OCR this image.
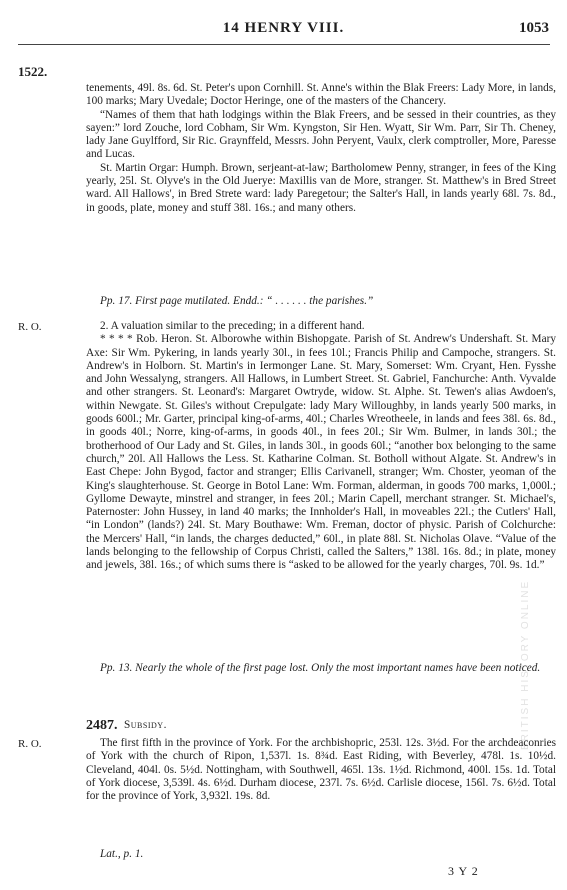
14 HENRY VIII.	1053
BRITISH HISTORY ONLINE
1522.

tenements, 49l. 8s. 6d. St. Peter's upon Cornhill. St. Anne's within the Blak Freers: Lady More, in lands, 100 marks; Mary Uvedale; Doctor Heringe, one of the masters of the Chancery.

“Names of them that hath lodgings within the Blak Freers, and be sessed in their countries, as they sayen:” lord Zouche, lord Cobham, Sir Wm. Kyngston, Sir Hen. Wyatt, Sir Wm. Parr, Sir Th. Cheney, lady Jane Guylfford, Sir Ric. Graynffeld, Messrs. John Peryent, Vaulx, clerk comptroller, More, Paresse and Lucas.

St. Martin Orgar: Humph. Brown, serjeant-at-law; Bartholomew Penny, stranger, in fees of the King yearly, 25l. St. Olyve's in the Old Juerye: Maxillis van de More, stranger. St. Matthew's in Bred Street ward. All Hallows', in Bred Strete ward: lady Paregetour; the Salter's Hall, in lands yearly 68l. 7s. 8d., in goods, plate, money and stuff 38l. 16s.; and many others.

Pp. 17. First page mutilated. Endd.: “ . . . . . . the parishes.”
R. O.	2. A valuation similar to the preceding; in a different hand.

* * * * Rob. Heron. St. Alborowhe within Bishopgate. Parish of St. Andrew's Undershaft. St. Mary Axe: Sir Wm. Pykering, in lands yearly 30l., in fees 10l.; Francis Philip and Campoche, strangers. St. Andrew's in Holborn. St. Martin's in Iermonger Lane. St. Mary, Somerset: Wm. Cryant, Hen. Fysshe and John Wessalyng, strangers. All Hallows, in Lumbert Street. St. Gabriel, Fanchurche: Anth. Vyvalde and other strangers. St. Leonard's: Margaret Owtryde, widow. St. Alphe. St. Tewen's alias Awdoen's, within Newgate. St. Giles's without Crepulgate: lady Mary Willoughby, in lands yearly 500 marks, in goods 600l.; Mr. Garter, principal king-of-arms, 40l.; Charles Wreotheele, in lands and fees 38l. 6s. 8d., in goods 40l.; Norre, king-of-arms, in goods 40l., in fees 20l.; Sir Wm. Bulmer, in lands 30l.; the brotherhood of Our Lady and St. Giles, in lands 30l., in goods 60l.; “another box belonging to the same church,” 20l. All Hallows the Less. St. Katharine Colman. St. Botholl without Algate. St. Andrew's in East Chepe: John Bygod, factor and stranger; Ellis Carivanell, stranger; Wm. Choster, yeoman of the King's slaughterhouse. St. George in Botol Lane: Wm. Forman, alderman, in goods 700 marks, 1,000l.; Gyllome Dewayte, minstrel and stranger, in fees 20l.; Marin Capell, merchant stranger. St. Michael's, Paternoster: John Hussey, in land 40 marks; the Innholder's Hall, in moveables 22l.; the Cutlers' Hall, “in London” (lands?) 24l. St. Mary Bouthawe: Wm. Freman, doctor of physic. Parish of Colchurche: the Mercers' Hall, “in lands, the charges deducted,” 60l., in plate 88l. St. Nicholas Olave. “Value of the lands belonging to the fellowship of Corpus Christi, called the Salters,” 138l. 16s. 8d.; in plate, money and jewels, 38l. 16s.; of which sums there is “asked to be allowed for the yearly charges, 70l. 9s. 1d.”

Pp. 13. Nearly the whole of the first page lost. Only the most important names have been noticed.
2487. Subsidy.
R. O.	The first fifth in the province of York. For the archbishopric, 253l. 12s. 3½d. For the archdeaconries of York with the church of Ripon, 1,537l. 1s. 8¾d. East Riding, with Beverley, 478l. 1s. 10½d. Cleveland, 404l. 0s. 5½d. Nottingham, with Southwell, 465l. 13s. 1½d. Richmond, 400l. 15s. 1d. Total of York diocese, 3,539l. 4s. 6½d. Durham diocese, 237l. 7s. 6½d. Carlisle diocese, 156l. 7s. 6½d. Total for the province of York, 3,932l. 19s. 8d.

Lat., p. 1.
3 Y 2
